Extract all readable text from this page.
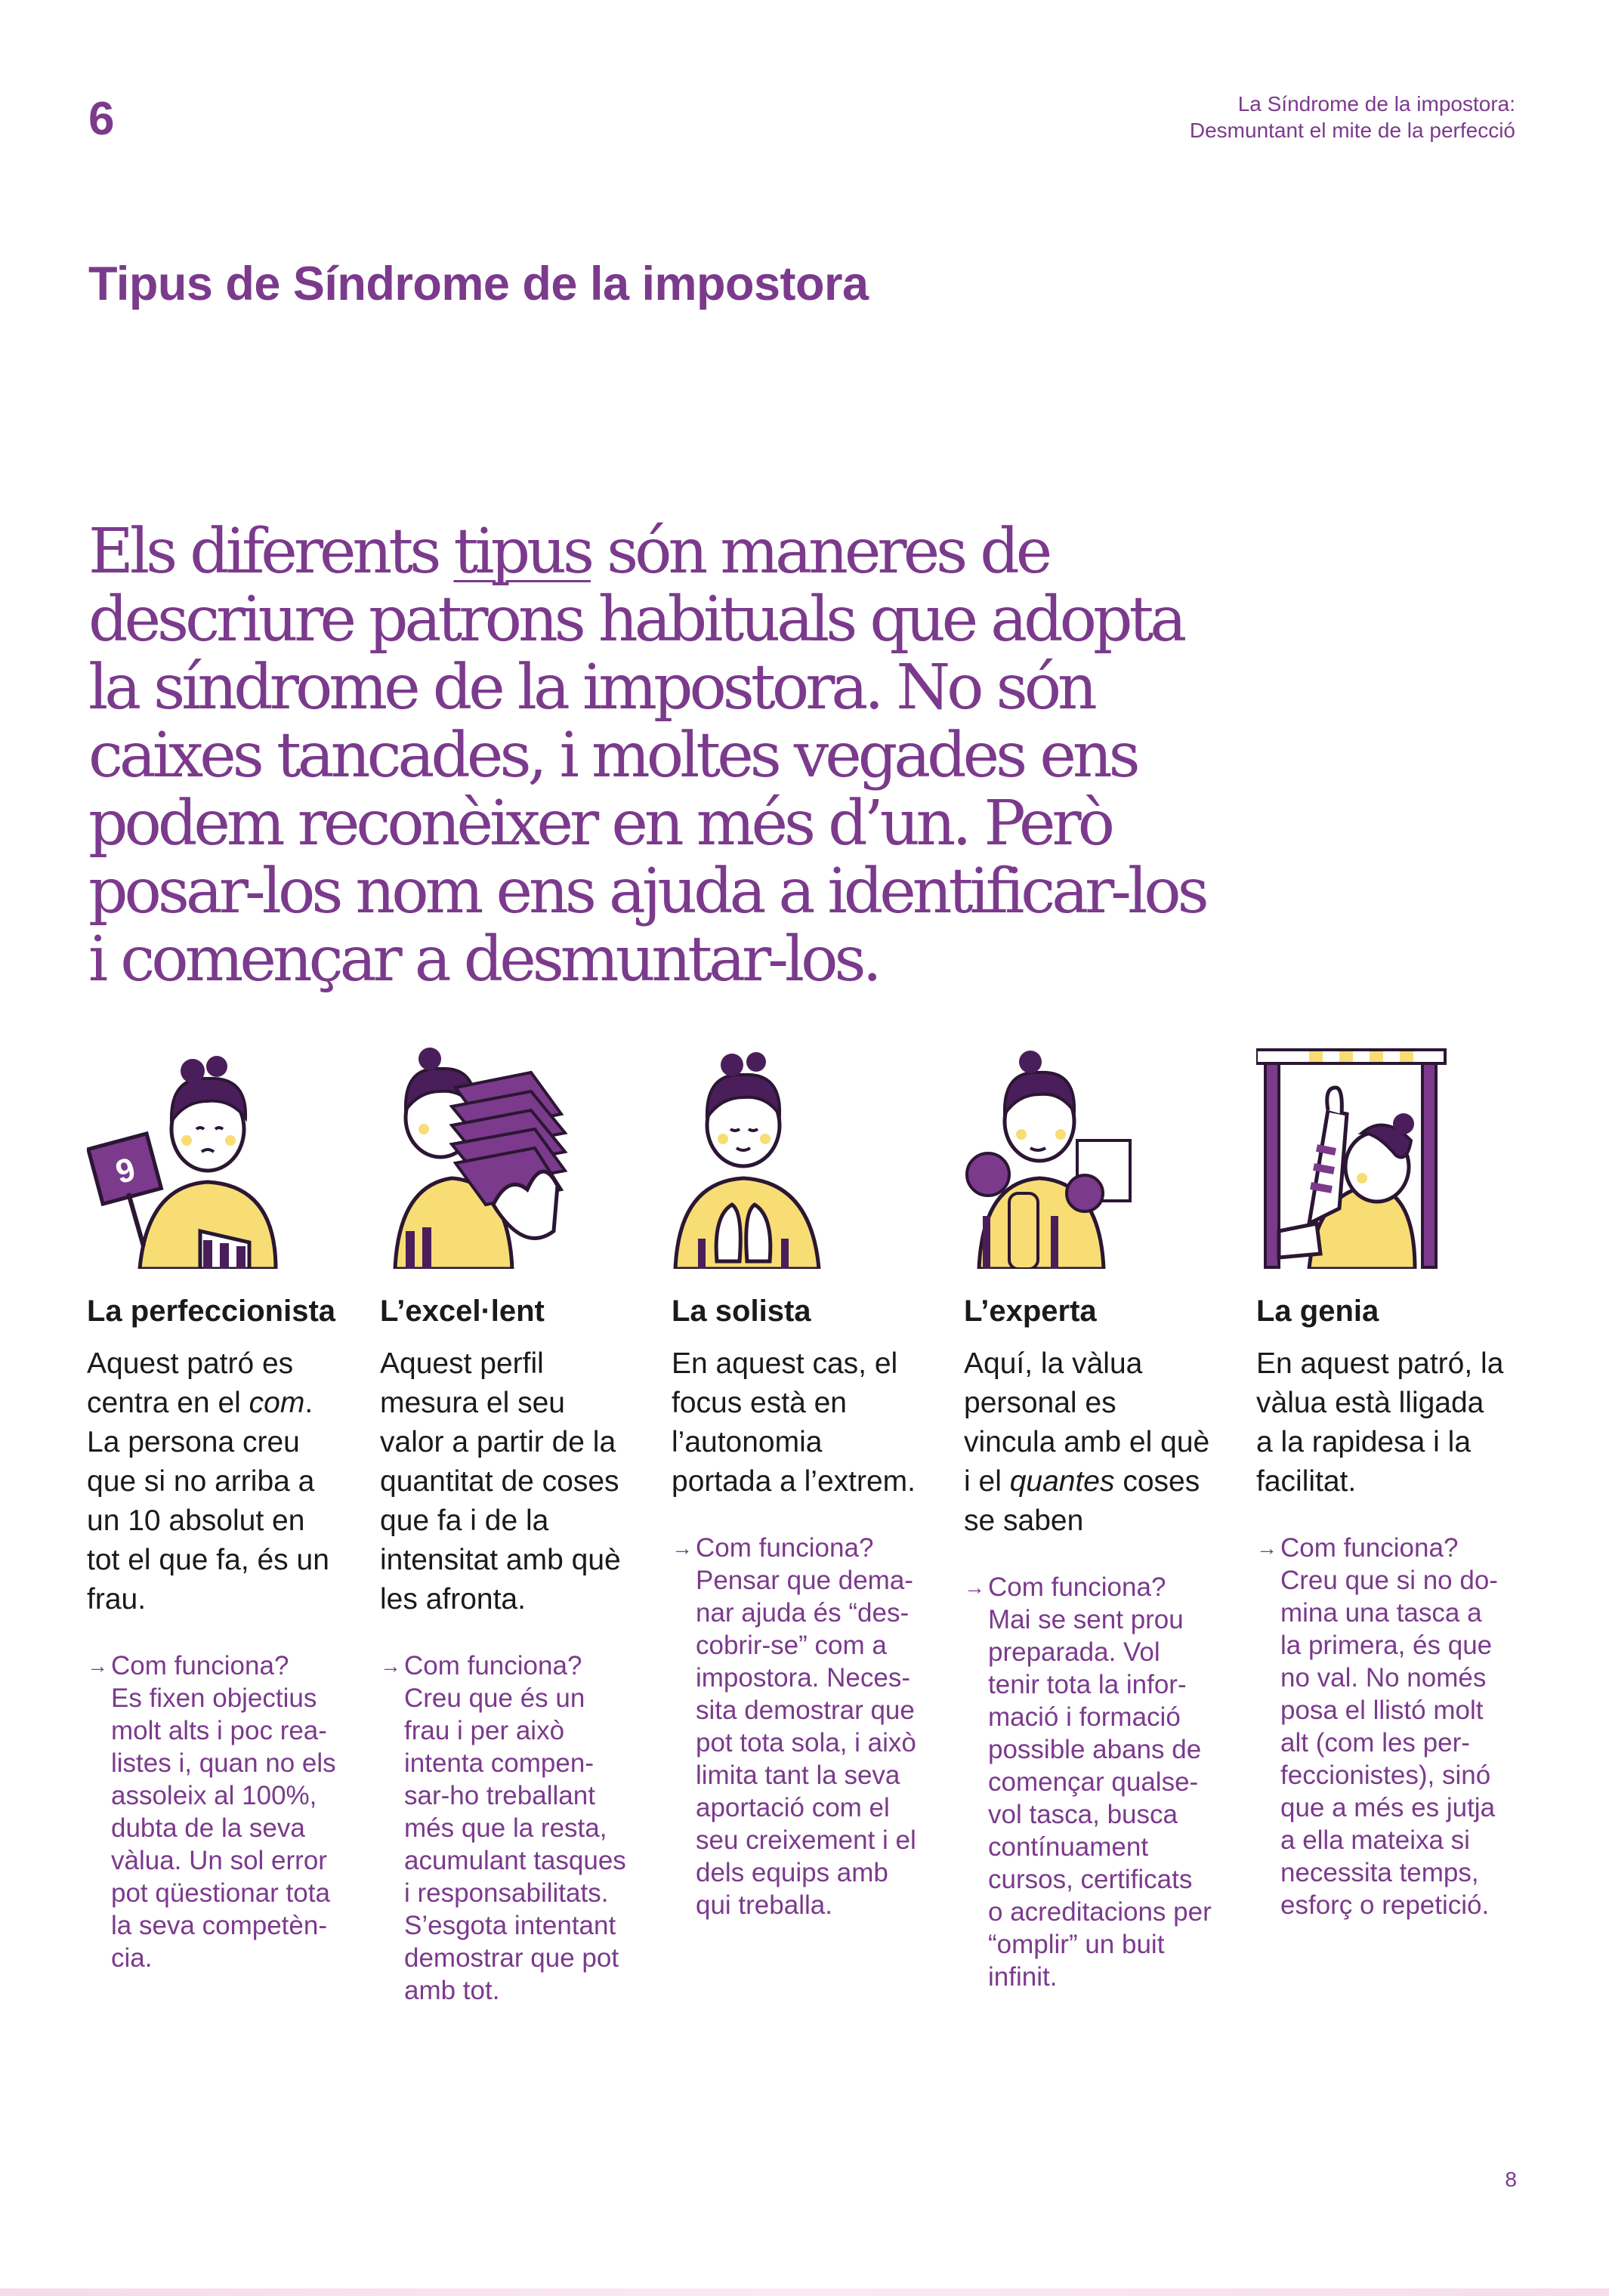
6	La Síndrome de la impostora:
Desmuntant el mite de la perfecció
Tipus de Síndrome de la impostora

Els diferents tipus són maneres de descriure patrons habituals que adopta la síndrome de la impostora. No són caixes tancades, i moltes vegades ens podem reconèixer en més d’un. Però posar-los nom ens ajuda a identificar-los i començar a desmuntar-los.

9
La perfeccionista

Aquest patró es centra en el com. La persona creu que si no arriba a un 10 absolut en tot el que fa, és un frau.

→ Com funciona?

Es fixen objectius molt alts i poc rea-listes i, quan no els assoleix al 100%, dubta de la seva vàlua. Un sol error pot qüestionar tota la seva competèn-cia.

L’excel·lent

Aquest perfil mesura el seu valor a partir de la quantitat de coses que fa i de la intensitat amb què les afronta.

→ Com funciona?

Creu que és un frau i per això intenta compen-sar-ho treballant més que la resta, acumulant tasques i responsabilitats. S’esgota intentant demostrar que pot amb tot.

La solista

En aquest cas, el focus està en l’autonomia portada a l’extrem.

→ Com funciona?

Pensar que dema-nar ajuda és “des-cobrir-se” com a impostora. Neces-sita demostrar que pot tota sola, i això limita tant la seva aportació com el seu creixement i el dels equips amb qui treballa.

L’experta

Aquí, la vàlua personal es vincula amb el què i el quantes coses se saben

→ Com funciona?

Mai se sent prou preparada. Vol tenir tota la infor-mació i formació possible abans de començar qualse-vol tasca, busca contínuament cursos, certificats o acreditacions per “omplir” un buit infinit.

La genia

En aquest patró, la vàlua està lligada a la rapidesa i la facilitat.

→ Com funciona?

Creu que si no do-mina una tasca a la primera, és que no val. No només posa el llistó molt alt (com les per-feccionistes), sinó que a més es jutja a ella mateixa si necessita temps, esforç o repetició.

8
